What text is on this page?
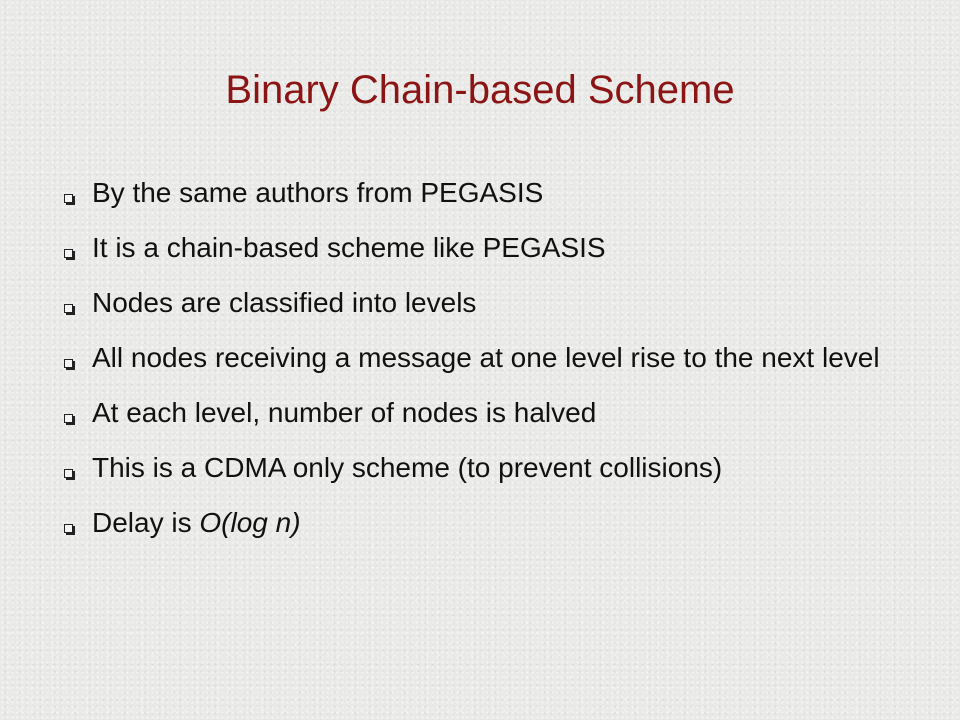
Binary Chain-based Scheme
By the same authors from PEGASIS
It is a chain-based scheme like PEGASIS
Nodes are classified into levels
All nodes receiving a message at one level rise to the next level
At each level, number of nodes is halved
This is a CDMA only scheme (to prevent collisions)
Delay is O(log n)
